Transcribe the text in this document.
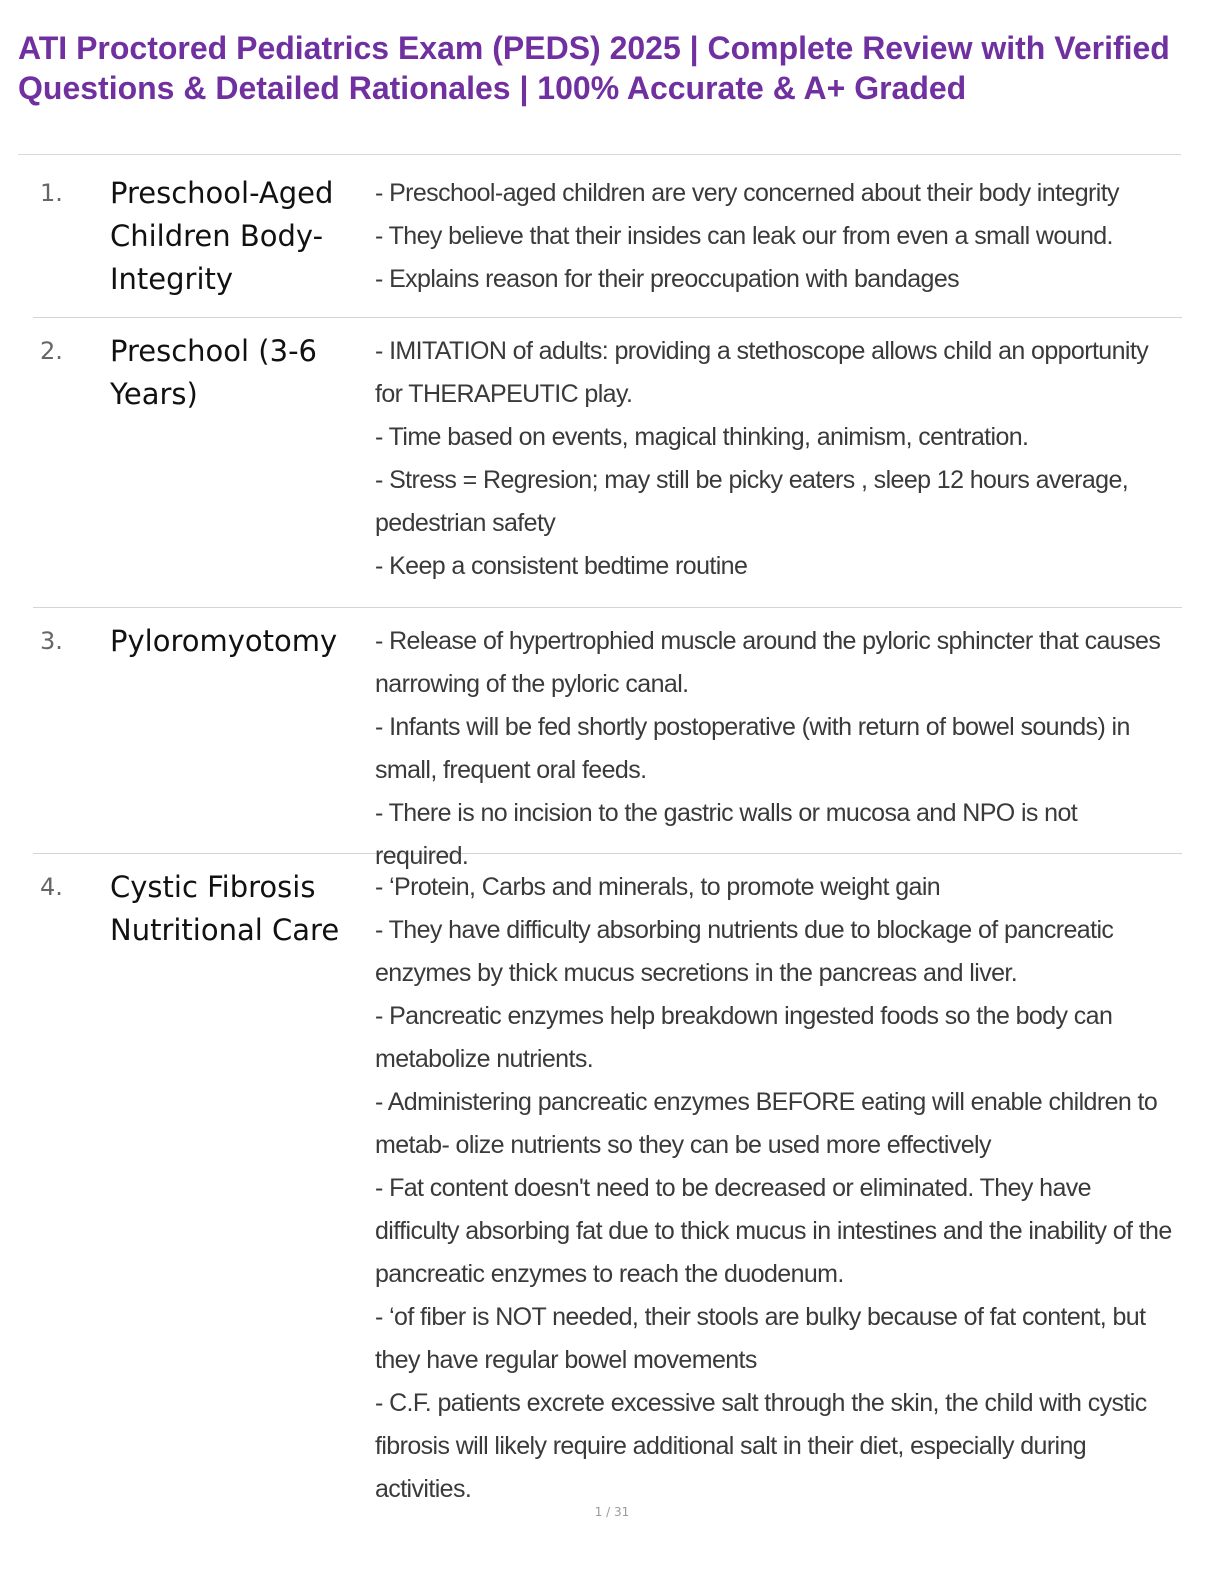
ATI Proctored Pediatrics Exam (PEDS) 2025 | Complete Review with Verified Questions & Detailed Rationales | 100% Accurate & A+ Graded
1.	Preschool-Aged Children Body-Integrity

- Preschool-aged children are very concerned about their body integrity

- They believe that their insides can leak our from even a small wound.

- Explains reason for their preoccupation with bandages

2.	Preschool (3-6 Years)

- IMITATION of adults: providing a stethoscope allows child an opportunity for THERAPEUTIC play.

- Time based on events, magical thinking, animism, centration.

- Stress = Regresion; may still be picky eaters , sleep 12 hours average, pedestrian safety

- Keep a consistent bedtime routine

3.	Pyloromyotomy	- Release of hypertrophied muscle around the pyloric sphincter that causes narrowing of the pyloric canal.

- Infants will be fed shortly postoperative (with return of bowel sounds) in small, frequent oral feeds.

- There is no incision to the gastric walls or mucosa and NPO is not required.

4.	Cystic Fibrosis Nutritional Care

- ‘Protein, Carbs and minerals, to promote weight gain

- They have difficulty absorbing nutrients due to blockage of pancreatic enzymes by thick mucus secretions in the pancreas and liver.

- Pancreatic enzymes help breakdown ingested foods so the body can metabolize nutrients.

- Administering pancreatic enzymes BEFORE eating will enable children to metab- olize nutrients so they can be used more effectively

- Fat content doesn't need to be decreased or eliminated. They have difficulty absorbing fat due to thick mucus in intestines and the inability of the pancreatic enzymes to reach the duodenum.

- ‘of fiber is NOT needed, their stools are bulky because of fat content, but they have regular bowel movements

- C.F. patients excrete excessive salt through the skin, the child with cystic fibrosis will likely require additional salt in their diet, especially during activities.

1 / 31
